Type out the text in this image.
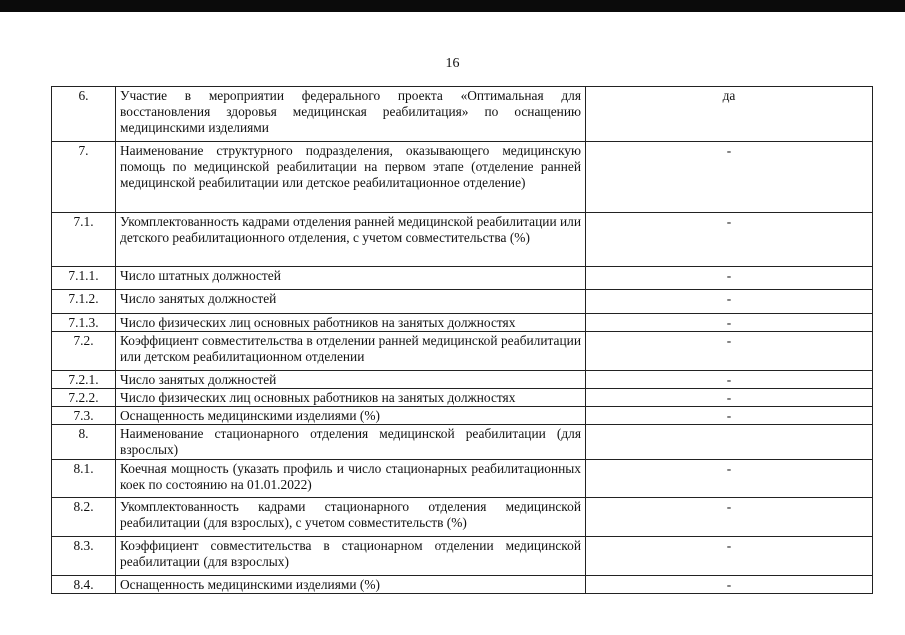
16
6.	Участие в мероприятии федерального проекта «Оптимальная для восстановления здоровья медицинская реабилитация» по оснащению медицинскими изделиями	да
7.	Наименование структурного подразделения, оказывающего медицинскую помощь по медицинской реабилитации на первом этапе (отделение ранней медицинской реабилитации или детское реабилитационное отделение)	-
7.1.	Укомплектованность кадрами отделения ранней медицинской реабилитации или детского реабилитационного отделения, с учетом совместительства (%)	-
7.1.1.	Число штатных должностей	-
7.1.2.	Число занятых должностей	-
7.1.3.	Число физических лиц основных работников на занятых должностях	-
7.2.	Коэффициент совместительства в отделении ранней медицинской реабилитации или детском реабилитационном отделении	-
7.2.1.	Число занятых должностей	-
7.2.2.	Число физических лиц основных работников на занятых должностях	-
7.3.	Оснащенность медицинскими изделиями (%)	-
8.	Наименование стационарного отделения медицинской реабилитации (для взрослых)	
8.1.	Коечная мощность (указать профиль и число стационарных реабилитационных коек по состоянию на 01.01.2022)	-
8.2.	Укомплектованность кадрами стационарного отделения медицинской реабилитации (для взрослых), с учетом совместительств (%)	-
8.3.	Коэффициент совместительства в стационарном отделении медицинской реабилитации (для взрослых)	-
8.4.	Оснащенность медицинскими изделиями (%)	-
